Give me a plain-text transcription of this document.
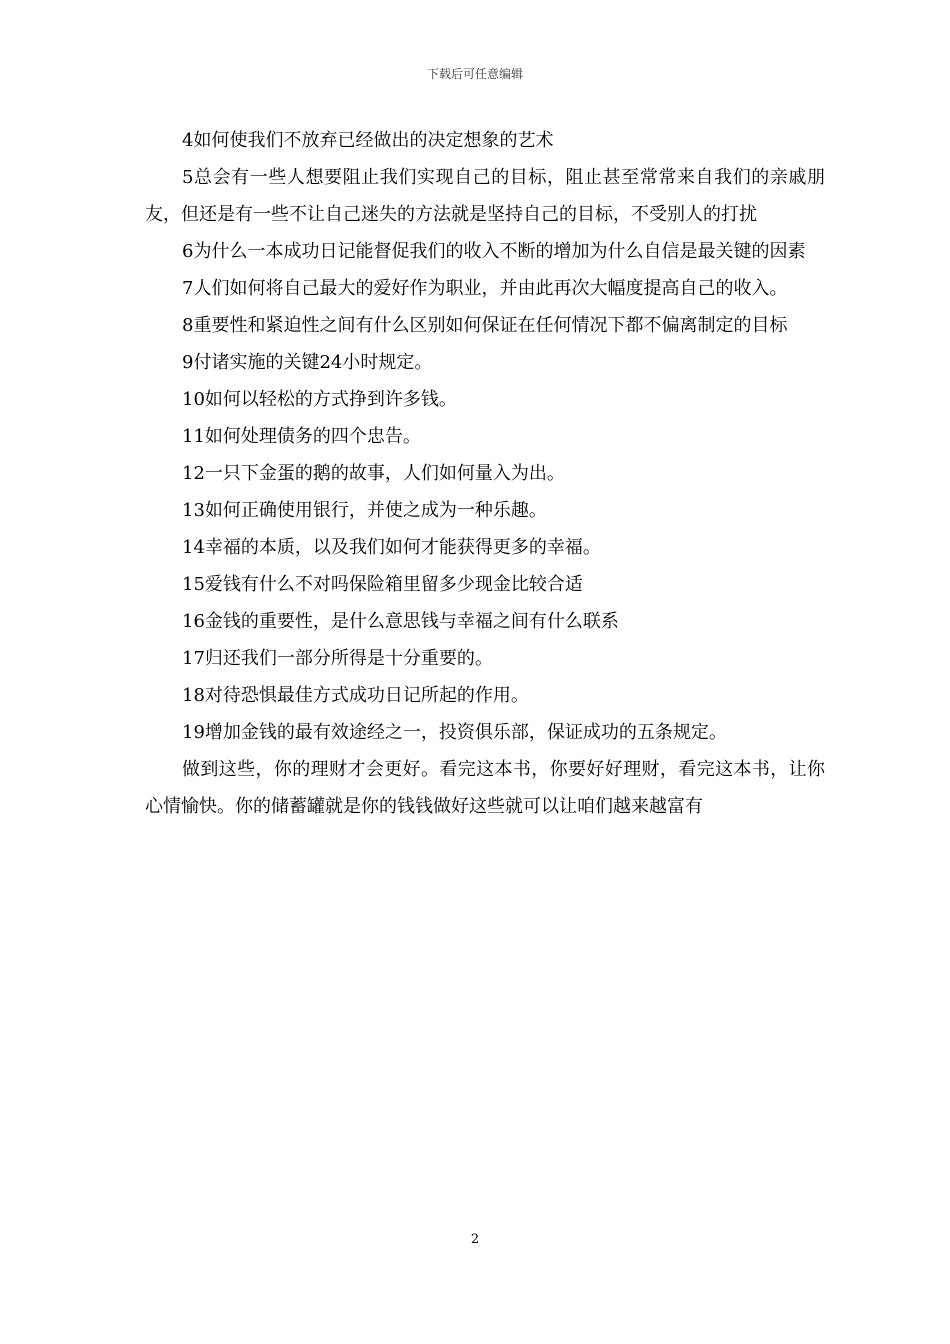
下载后可任意编辑

4如何使我们不放弃已经做出的决定想象的艺术

5总会有一些人想要阻止我们实现自己的目标，阻止甚至常常来自我们的亲戚朋友，但还是有一些不让自己迷失的方法就是坚持自己的目标，不受别人的打扰

6为什么一本成功日记能督促我们的收入不断的增加为什么自信是最关键的因素

7人们如何将自己最大的爱好作为职业，并由此再次大幅度提高自己的收入。

8重要性和紧迫性之间有什么区别如何保证在任何情况下都不偏离制定的目标

9付诸实施的关键24小时规定。

10如何以轻松的方式挣到许多钱。

11如何处理债务的四个忠告。

12一只下金蛋的鹅的故事，人们如何量入为出。

13如何正确使用银行，并使之成为一种乐趣。

14幸福的本质，以及我们如何才能获得更多的幸福。

15爱钱有什么不对吗保险箱里留多少现金比较合适

16金钱的重要性，是什么意思钱与幸福之间有什么联系

17归还我们一部分所得是十分重要的。

18对待恐惧最佳方式成功日记所起的作用。

19增加金钱的最有效途经之一，投资俱乐部，保证成功的五条规定。

做到这些，你的理财才会更好。看完这本书，你要好好理财，看完这本书，让你心情愉快。你的储蓄罐就是你的钱钱做好这些就可以让咱们越来越富有

2
